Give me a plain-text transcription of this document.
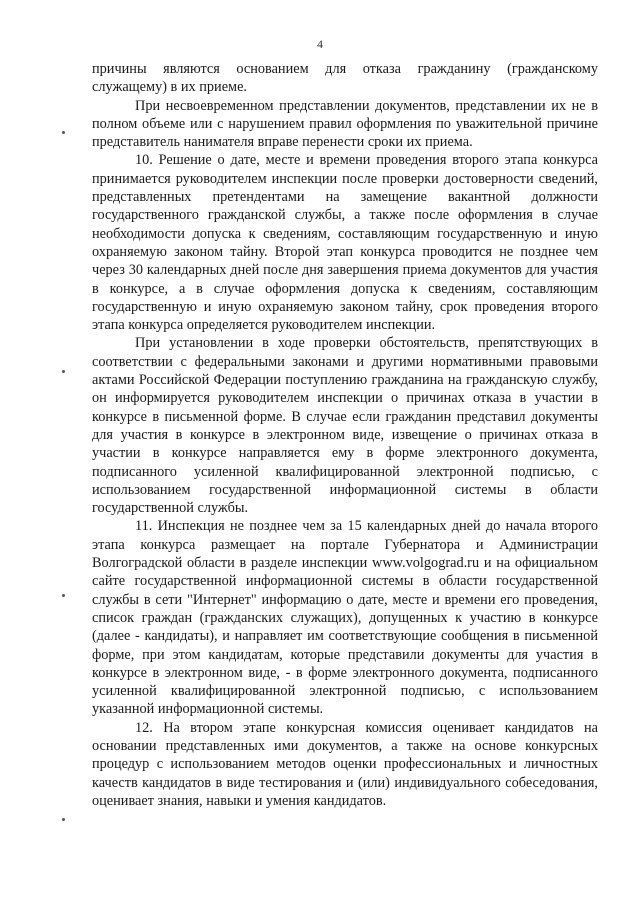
4

причины являются основанием для отказа гражданину (гражданскому служащему) в их приеме.

При несвоевременном представлении документов, представлении их не в полном объеме или с нарушением правил оформления по уважительной причине представитель нанимателя вправе перенести сроки их приема.

10. Решение о дате, месте и времени проведения второго этапа конкурса принимается руководителем инспекции после проверки достоверности сведений, представленных претендентами на замещение вакантной должности государственного гражданской службы, а также после оформления в случае необходимости допуска к сведениям, составляющим государственную и иную охраняемую законом тайну. Второй этап конкурса проводится не позднее чем через 30 календарных дней после дня завершения приема документов для участия в конкурсе, а в случае оформления допуска к сведениям, составляющим государственную и иную охраняемую законом тайну, срок проведения второго этапа конкурса определяется руководителем инспекции.

При установлении в ходе проверки обстоятельств, препятствующих в соответствии с федеральными законами и другими нормативными правовыми актами Российской Федерации поступлению гражданина на гражданскую службу, он информируется руководителем инспекции о причинах отказа в участии в конкурсе в письменной форме. В случае если гражданин представил документы для участия в конкурсе в электронном виде, извещение о причинах отказа в участии в конкурсе направляется ему в форме электронного документа, подписанного усиленной квалифицированной электронной подписью, с использованием государственной информационной системы в области государственной службы.

11. Инспекция не позднее чем за 15 календарных дней до начала второго этапа конкурса размещает на портале Губернатора и Администрации Волгоградской области в разделе инспекции www.volgograd.ru и на официальном сайте государственной информационной системы в области государственной службы в сети "Интернет" информацию о дате, месте и времени его проведения, список граждан (гражданских служащих), допущенных к участию в конкурсе (далее - кандидаты), и направляет им соответствующие сообщения в письменной форме, при этом кандидатам, которые представили документы для участия в конкурсе в электронном виде, - в форме электронного документа, подписанного усиленной квалифицированной электронной подписью, с использованием указанной информационной системы.

12. На втором этапе конкурсная комиссия оценивает кандидатов на основании представленных ими документов, а также на основе конкурсных процедур с использованием методов оценки профессиональных и личностных качеств кандидатов в виде тестирования и (или) индивидуального собеседования, оценивает знания, навыки и умения кандидатов.
